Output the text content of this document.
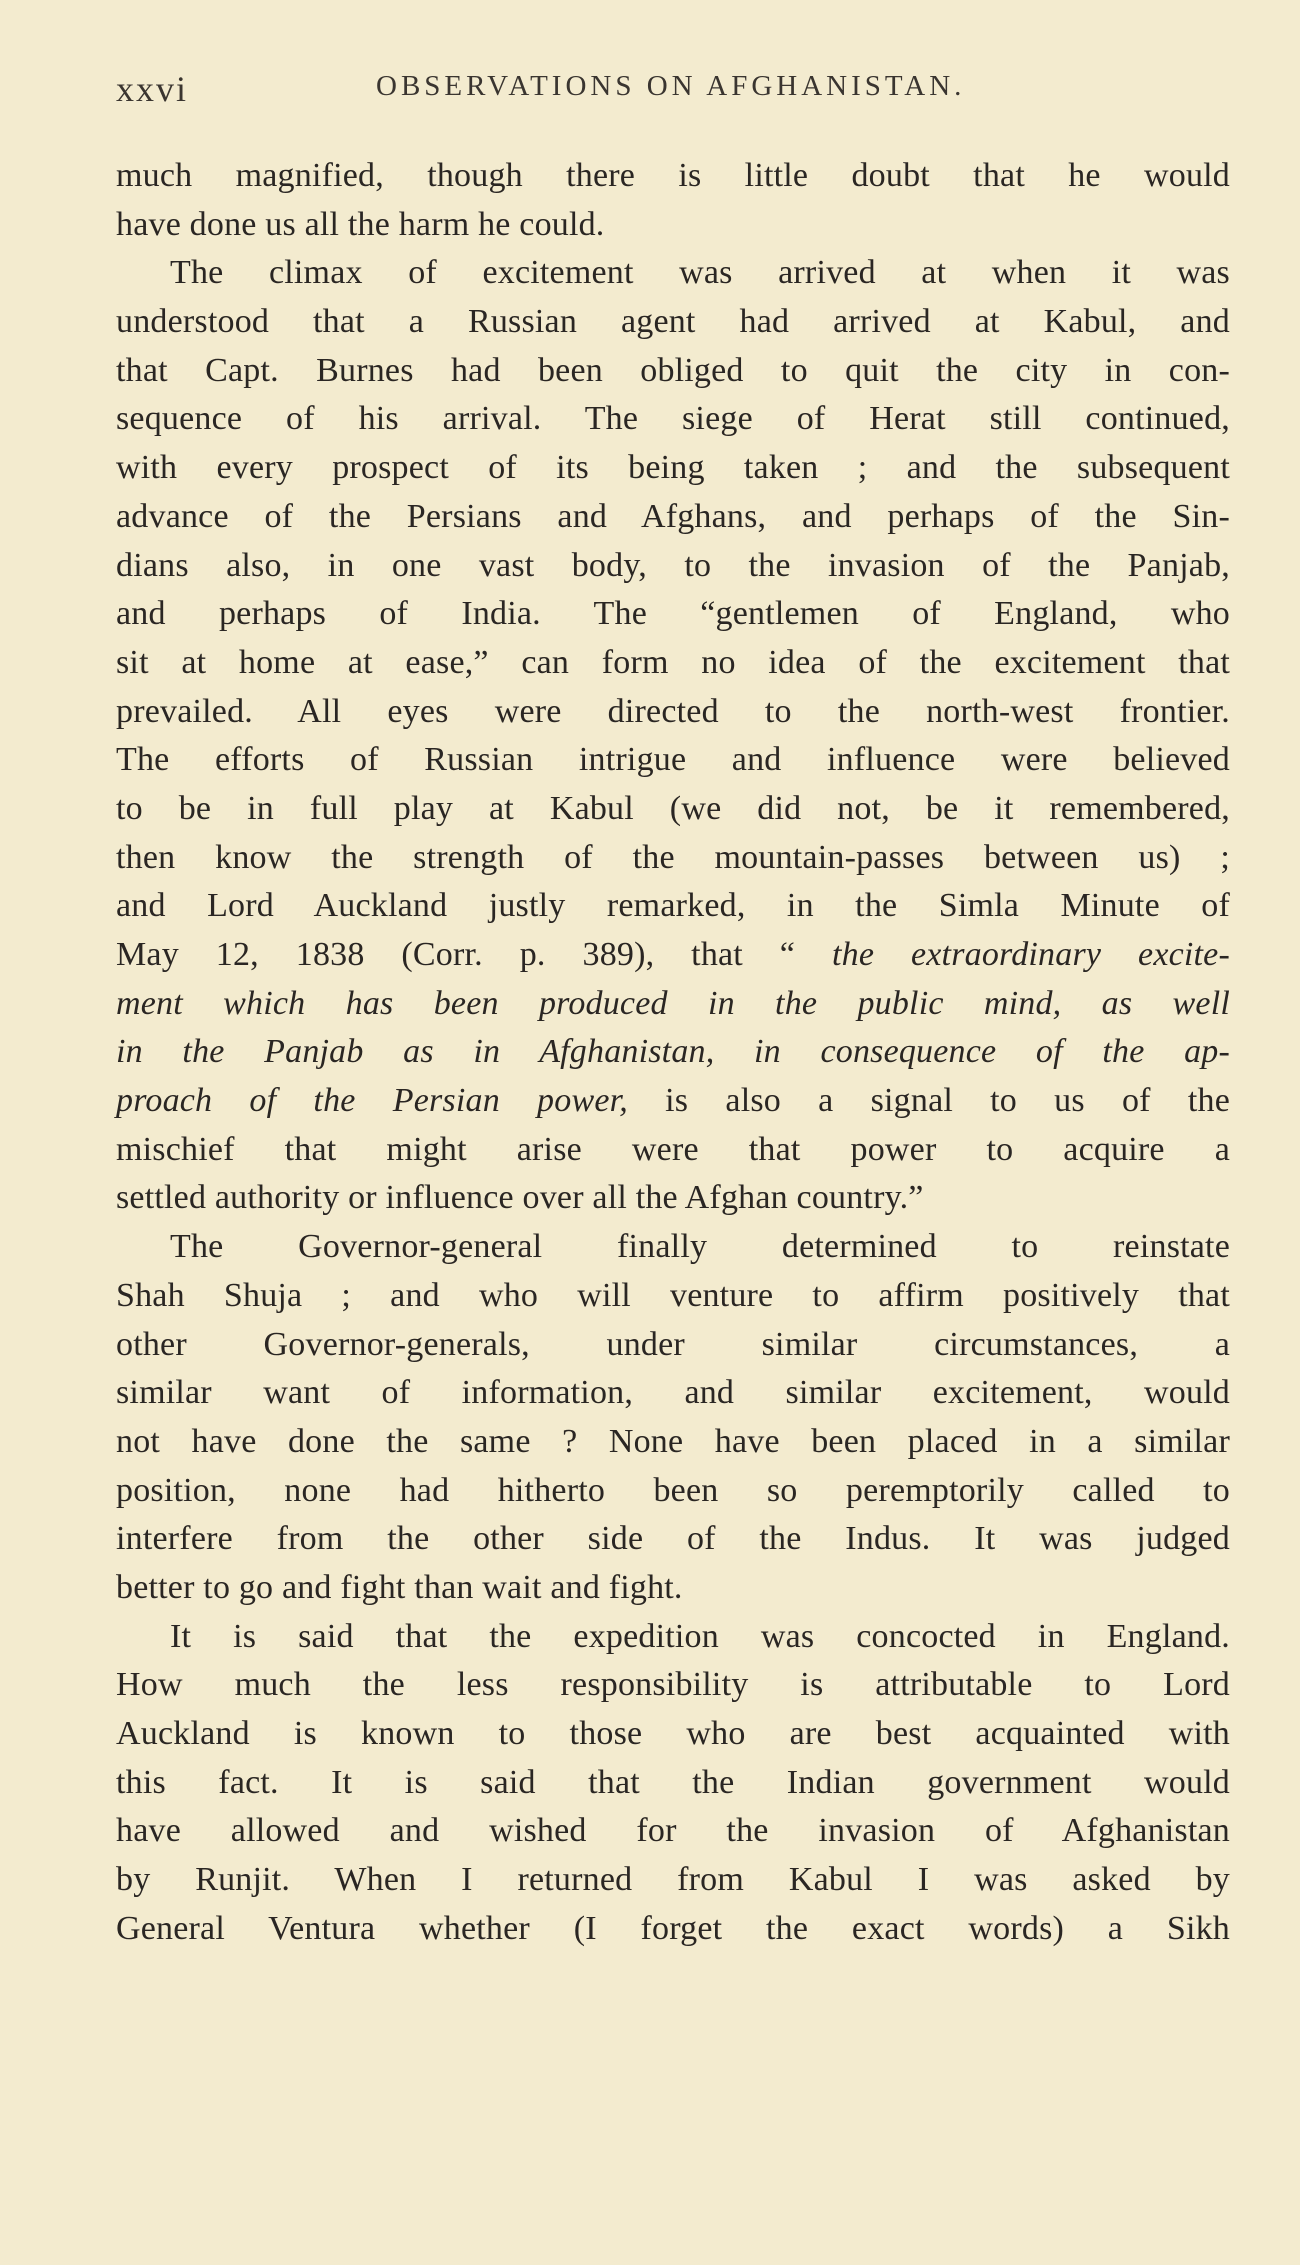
xxvi	OBSERVATIONS ON AFGHANISTAN.
much magnified, though there is little doubt that he would
have done us all the harm he could.
The climax of excitement was arrived at when it was
understood that a Russian agent had arrived at Kabul, and
that Capt. Burnes had been obliged to quit the city in con-
sequence of his arrival. The siege of Herat still continued,
with every prospect of its being taken ; and the subsequent
advance of the Persians and Afghans, and perhaps of the Sin-
dians also, in one vast body, to the invasion of the Panjab,
and perhaps of India. The “gentlemen of England, who
sit at home at ease,” can form no idea of the excitement that
prevailed. All eyes were directed to the north-west frontier.
The efforts of Russian intrigue and influence were believed
to be in full play at Kabul (we did not, be it remembered,
then know the strength of the mountain-passes between us) ;
and Lord Auckland justly remarked, in the Simla Minute of
May 12, 1838 (Corr. p. 389), that “ the extraordinary excite-
ment which has been produced in the public mind, as well
in the Panjab as in Afghanistan, in consequence of the ap-
proach of the Persian power, is also a signal to us of the
mischief that might arise were that power to acquire a
settled authority or influence over all the Afghan country.”
The Governor-general finally determined to reinstate
Shah Shuja ; and who will venture to affirm positively that
other Governor-generals, under similar circumstances, a
similar want of information, and similar excitement, would
not have done the same ? None have been placed in a similar
position, none had hitherto been so peremptorily called to
interfere from the other side of the Indus. It was judged
better to go and fight than wait and fight.
It is said that the expedition was concocted in England.
How much the less responsibility is attributable to Lord
Auckland is known to those who are best acquainted with
this fact. It is said that the Indian government would
have allowed and wished for the invasion of Afghanistan
by Runjit. When I returned from Kabul I was asked by
General Ventura whether (I forget the exact words) a Sikh
